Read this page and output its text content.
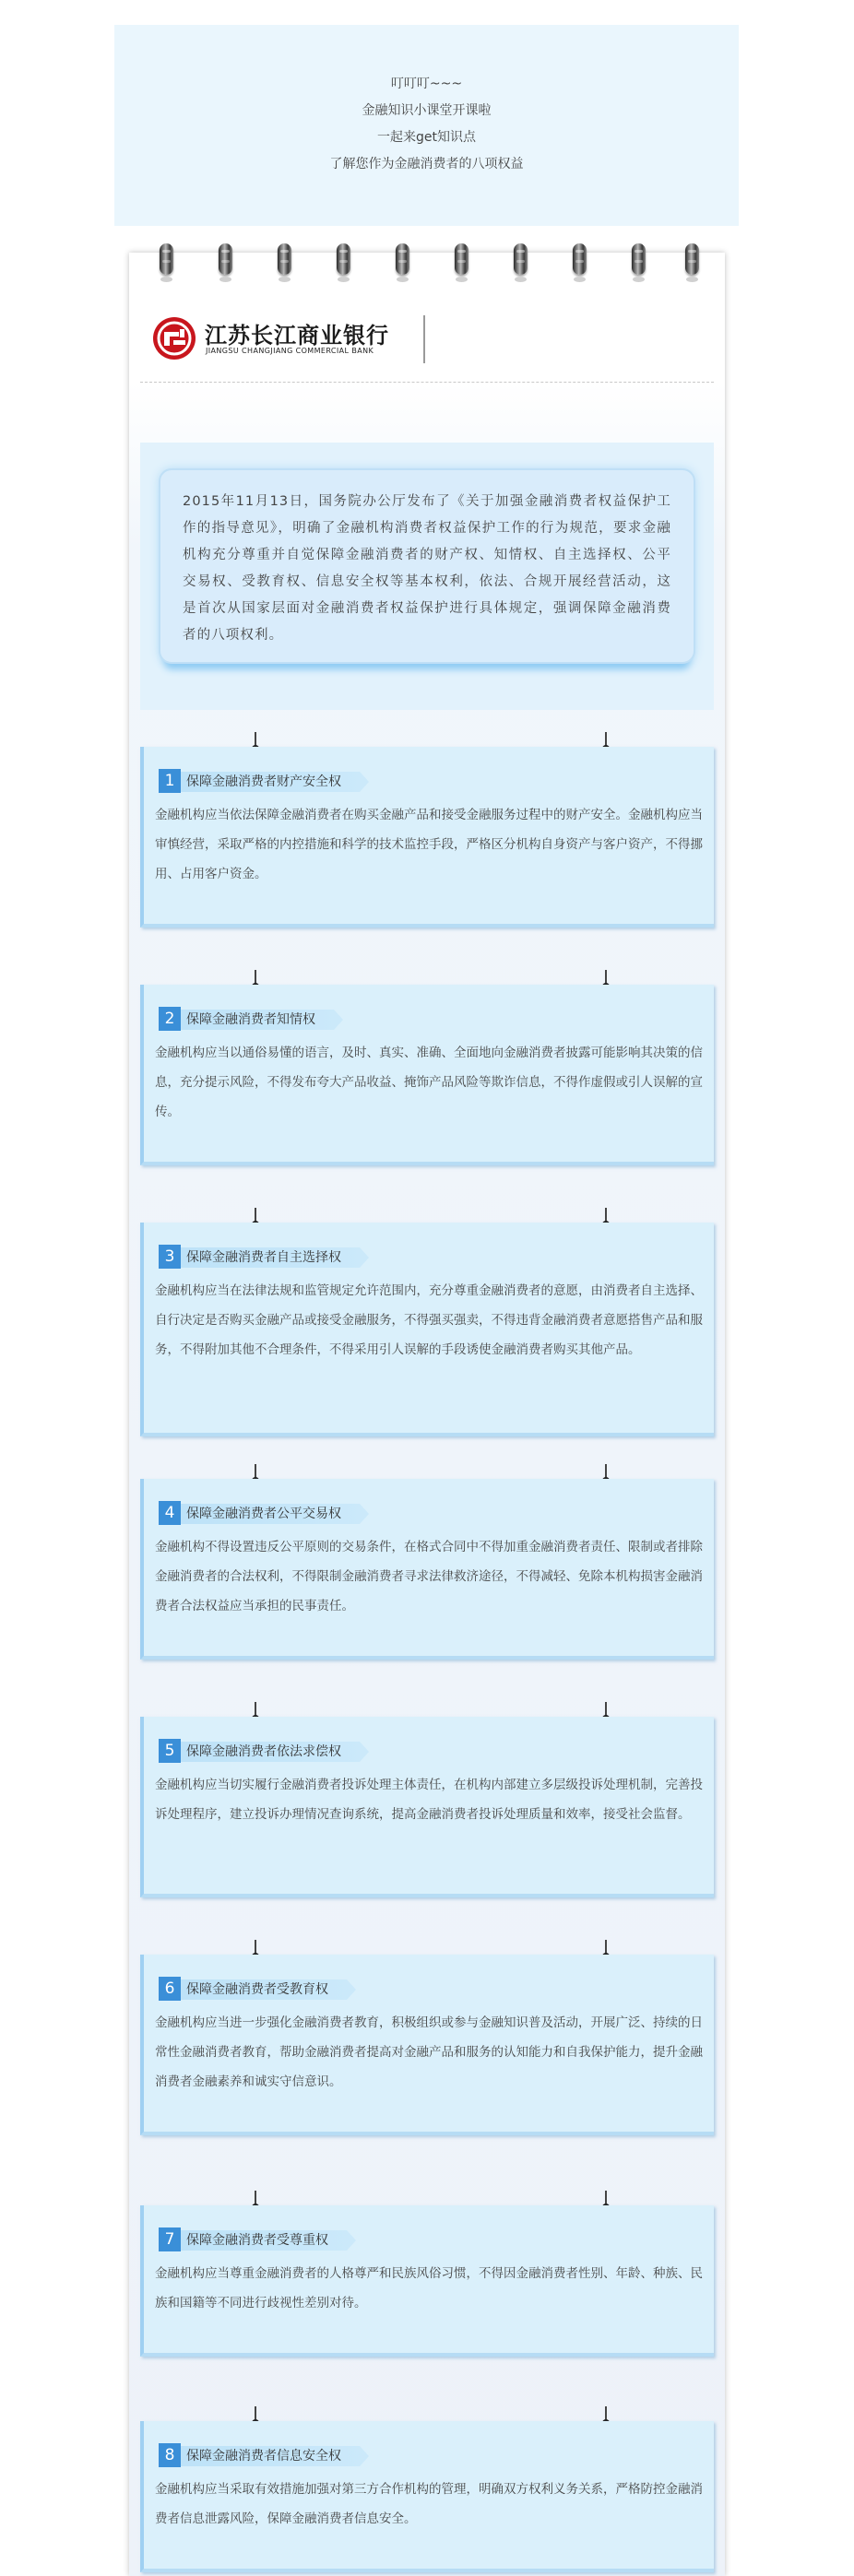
叮叮叮~~~

金融知识小课堂开课啦

一起来get知识点

了解您作为金融消费者的八项权益

江苏长江商业银行
JIANGSU CHANGJIANG COMMERCIAL BANK

2015年11月13日，国务院办公厅发布了《关于加强金融消费者权益保护工作的指导意见》，明确了金融机构消费者权益保护工作的行为规范，要求金融机构充分尊重并自觉保障金融消费者的财产权、知情权、自主选择权、公平交易权、受教育权、信息安全权等基本权利，依法、合规开展经营活动，这是首次从国家层面对金融消费者权益保护进行具体规定，强调保障金融消费者的八项权利。

1 保障金融消费者财产安全权

金融机构应当依法保障金融消费者在购买金融产品和接受金融服务过程中的财产安全。金融机构应当审慎经营，采取严格的内控措施和科学的技术监控手段，严格区分机构自身资产与客户资产，不得挪用、占用客户资金。

2 保障金融消费者知情权

金融机构应当以通俗易懂的语言，及时、真实、准确、全面地向金融消费者披露可能影响其决策的信息，充分提示风险，不得发布夸大产品收益、掩饰产品风险等欺诈信息，不得作虚假或引人误解的宣传。

3 保障金融消费者自主选择权

金融机构应当在法律法规和监管规定允许范围内，充分尊重金融消费者的意愿，由消费者自主选择、自行决定是否购买金融产品或接受金融服务，不得强买强卖，不得违背金融消费者意愿搭售产品和服务，不得附加其他不合理条件，不得采用引人误解的手段诱使金融消费者购买其他产品。

4 保障金融消费者公平交易权

金融机构不得设置违反公平原则的交易条件，在格式合同中不得加重金融消费者责任、限制或者排除金融消费者的合法权利，不得限制金融消费者寻求法律救济途径，不得减轻、免除本机构损害金融消费者合法权益应当承担的民事责任。

5 保障金融消费者依法求偿权

金融机构应当切实履行金融消费者投诉处理主体责任，在机构内部建立多层级投诉处理机制，完善投诉处理程序，建立投诉办理情况查询系统，提高金融消费者投诉处理质量和效率，接受社会监督。

6 保障金融消费者受教育权

金融机构应当进一步强化金融消费者教育，积极组织或参与金融知识普及活动，开展广泛、持续的日常性金融消费者教育，帮助金融消费者提高对金融产品和服务的认知能力和自我保护能力，提升金融消费者金融素养和诚实守信意识。

7 保障金融消费者受尊重权

金融机构应当尊重金融消费者的人格尊严和民族风俗习惯，不得因金融消费者性别、年龄、种族、民族和国籍等不同进行歧视性差别对待。

8 保障金融消费者信息安全权

金融机构应当采取有效措施加强对第三方合作机构的管理，明确双方权利义务关系，严格防控金融消费者信息泄露风险，保障金融消费者信息安全。
